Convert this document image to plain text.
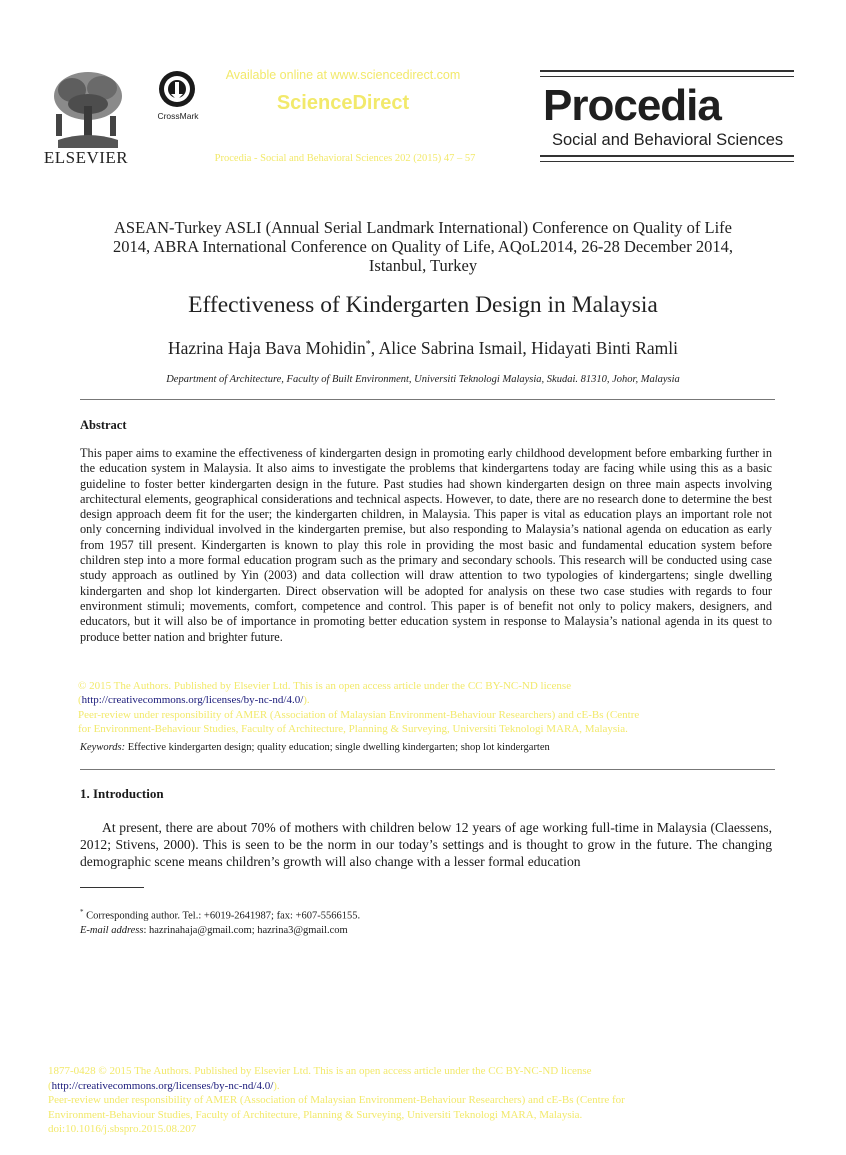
ELSEVIER
CrossMark
Available online at www.sciencedirect.com
ScienceDirect
Procedia - Social and Behavioral Sciences 202 (2015) 47 – 57
Procedia
Social and Behavioral Sciences
ASEAN-Turkey ASLI (Annual Serial Landmark International) Conference on Quality of Life
2014, ABRA International Conference on Quality of Life, AQoL2014, 26-28 December 2014,
Istanbul, Turkey
Effectiveness of Kindergarten Design in Malaysia
Hazrina Haja Bava Mohidin*, Alice Sabrina Ismail, Hidayati Binti Ramli
Department of Architecture, Faculty of Built Environment, Universiti Teknologi Malaysia, Skudai. 81310, Johor, Malaysia
Abstract
This paper aims to examine the effectiveness of kindergarten design in promoting early childhood development before embarking further in the education system in Malaysia. It also aims to investigate the problems that kindergartens today are facing while using this as a basic guideline to foster better kindergarten design in the future. Past studies had shown kindergarten design on three main aspects involving architectural elements, geographical considerations and technical aspects. However, to date, there are no research done to determine the best design approach deem fit for the user; the kindergarten children, in Malaysia. This paper is vital as education plays an important role not only concerning individual involved in the kindergarten premise, but also responding to Malaysia’s national agenda on education as early from 1957 till present. Kindergarten is known to play this role in providing the most basic and fundamental education system before children step into a more formal education program such as the primary and secondary schools. This research will be conducted using case study approach as outlined by Yin (2003) and data collection will draw attention to two typologies of kindergartens; single dwelling kindergarten and shop lot kindergarten. Direct observation will be adopted for analysis on these two case studies with regards to four environment stimuli; movements, comfort, competence and control. This paper is of benefit not only to policy makers, designers, and educators, but it will also be of importance in promoting better education system in response to Malaysia’s national agenda in its quest to produce better nation and brighter future.
© 2015 The Authors. Published by Elsevier Ltd. This is an open access article under the CC BY-NC-ND license
(http://creativecommons.org/licenses/by-nc-nd/4.0/).
Peer-review under responsibility of AMER (Association of Malaysian Environment-Behaviour Researchers) and cE-Bs (Centre
for Environment-Behaviour Studies, Faculty of Architecture, Planning & Surveying, Universiti Teknologi MARA, Malaysia.
Keywords: Effective kindergarten design; quality education; single dwelling kindergarten; shop lot kindergarten
1. Introduction
At present, there are about 70% of mothers with children below 12 years of age working full-time in Malaysia (Claessens, 2012; Stivens, 2000). This is seen to be the norm in our today’s settings and is thought to grow in the future. The changing demographic scene means children’s growth will also change with a lesser formal education
* Corresponding author. Tel.: +6019-2641987; fax: +607-5566155.
E-mail address: hazrinahaja@gmail.com; hazrina3@gmail.com
1877-0428 © 2015 The Authors. Published by Elsevier Ltd. This is an open access article under the CC BY-NC-ND license
(http://creativecommons.org/licenses/by-nc-nd/4.0/).
Peer-review under responsibility of AMER (Association of Malaysian Environment-Behaviour Researchers) and cE-Bs (Centre for
Environment-Behaviour Studies, Faculty of Architecture, Planning & Surveying, Universiti Teknologi MARA, Malaysia.
doi:10.1016/j.sbspro.2015.08.207
